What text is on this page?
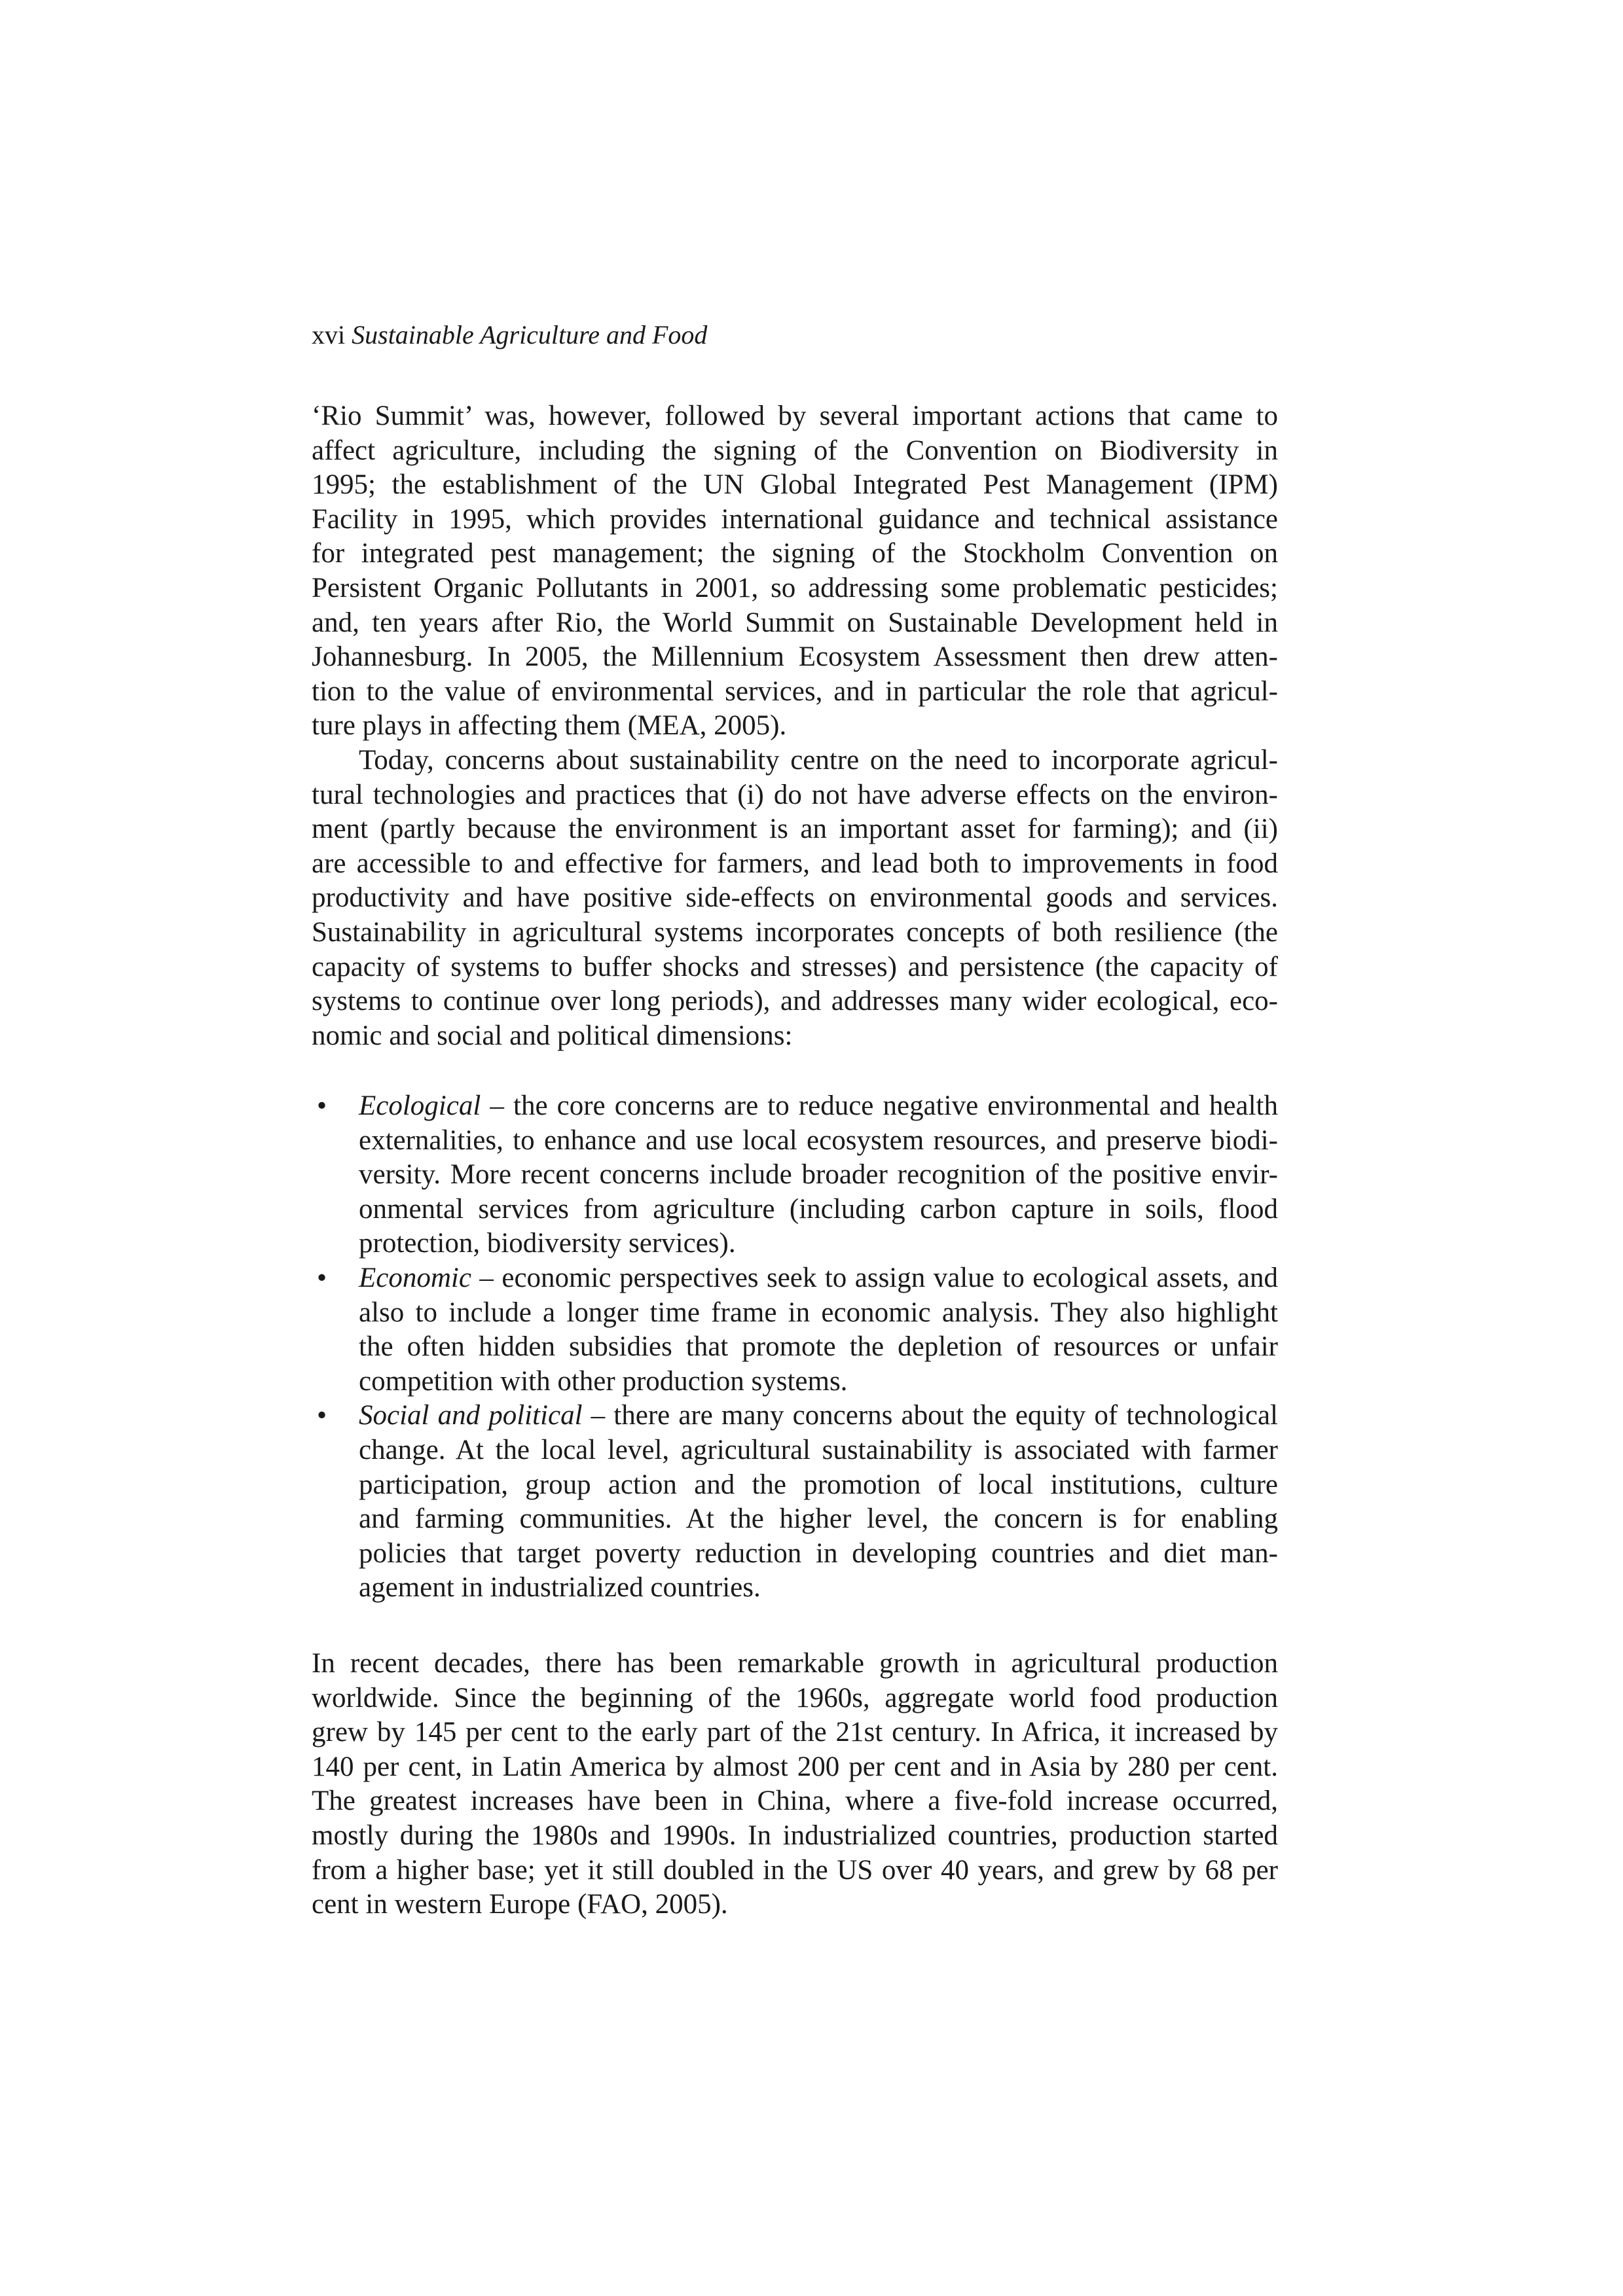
xvi Sustainable Agriculture and Food
‘Rio Summit’ was, however, followed by several important actions that came to
affect agriculture, including the signing of the Convention on Biodiversity in
1995; the establishment of the UN Global Integrated Pest Management (IPM)
Facility in 1995, which provides international guidance and technical assistance
for integrated pest management; the signing of the Stockholm Convention on
Persistent Organic Pollutants in 2001, so addressing some problematic pesticides;
and, ten years after Rio, the World Summit on Sustainable Development held in
Johannesburg. In 2005, the Millennium Ecosystem Assessment then drew atten-
tion to the value of environmental services, and in particular the role that agricul-
ture plays in affecting them (MEA, 2005).
Today, concerns about sustainability centre on the need to incorporate agricul-
tural technologies and practices that (i) do not have adverse effects on the environ-
ment (partly because the environment is an important asset for farming); and (ii)
are accessible to and effective for farmers, and lead both to improvements in food
productivity and have positive side-effects on environmental goods and services.
Sustainability in agricultural systems incorporates concepts of both resilience (the
capacity of systems to buffer shocks and stresses) and persistence (the capacity of
systems to continue over long periods), and addresses many wider ecological, eco-
nomic and social and political dimensions:
• Ecological – the core concerns are to reduce negative environmental and health
externalities, to enhance and use local ecosystem resources, and preserve biodi-
versity. More recent concerns include broader recognition of the positive envir-
onmental services from agriculture (including carbon capture in soils, flood
protection, biodiversity services).
• Economic – economic perspectives seek to assign value to ecological assets, and
also to include a longer time frame in economic analysis. They also highlight
the often hidden subsidies that promote the depletion of resources or unfair
competition with other production systems.
• Social and political – there are many concerns about the equity of technological
change. At the local level, agricultural sustainability is associated with farmer
participation, group action and the promotion of local institutions, culture
and farming communities. At the higher level, the concern is for enabling
policies that target poverty reduction in developing countries and diet man-
agement in industrialized countries.
In recent decades, there has been remarkable growth in agricultural production
worldwide. Since the beginning of the 1960s, aggregate world food production
grew by 145 per cent to the early part of the 21st century. In Africa, it increased by
140 per cent, in Latin America by almost 200 per cent and in Asia by 280 per cent.
The greatest increases have been in China, where a five-fold increase occurred,
mostly during the 1980s and 1990s. In industrialized countries, production started
from a higher base; yet it still doubled in the US over 40 years, and grew by 68 per
cent in western Europe (FAO, 2005).
